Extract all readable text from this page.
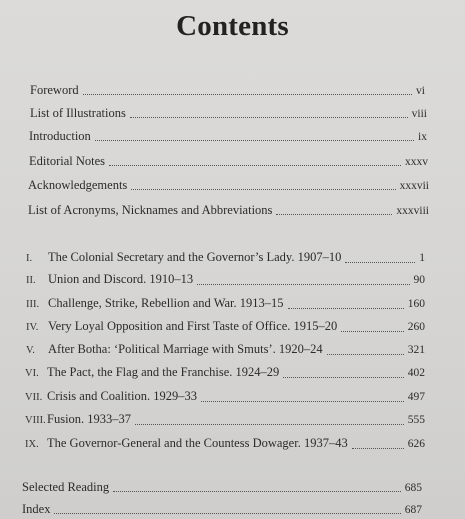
Contents
Foreword	vi
List of Illustrations	viii
Introduction	ix
Editorial Notes	xxxv
Acknowledgements	xxxvii
List of Acronyms, Nicknames and Abbreviations	xxxviii
I.	The Colonial Secretary and the Governor’s Lady. 1907–10	1
II. Union and Discord. 1910–13	90
III. Challenge, Strike, Rebellion and War. 1913–15	160
IV. Very Loyal Opposition and First Taste of Office. 1915–20	260
V.	After Botha: ‘Political Marriage with Smuts’. 1920–24	321
VI. The Pact, the Flag and the Franchise. 1924–29	402
VII. Crisis and Coalition. 1929–33	497
VIII. Fusion. 1933–37	555
IX. The Governor-General and the Countess Dowager. 1937–43	626
Selected Reading	685
Index	687
